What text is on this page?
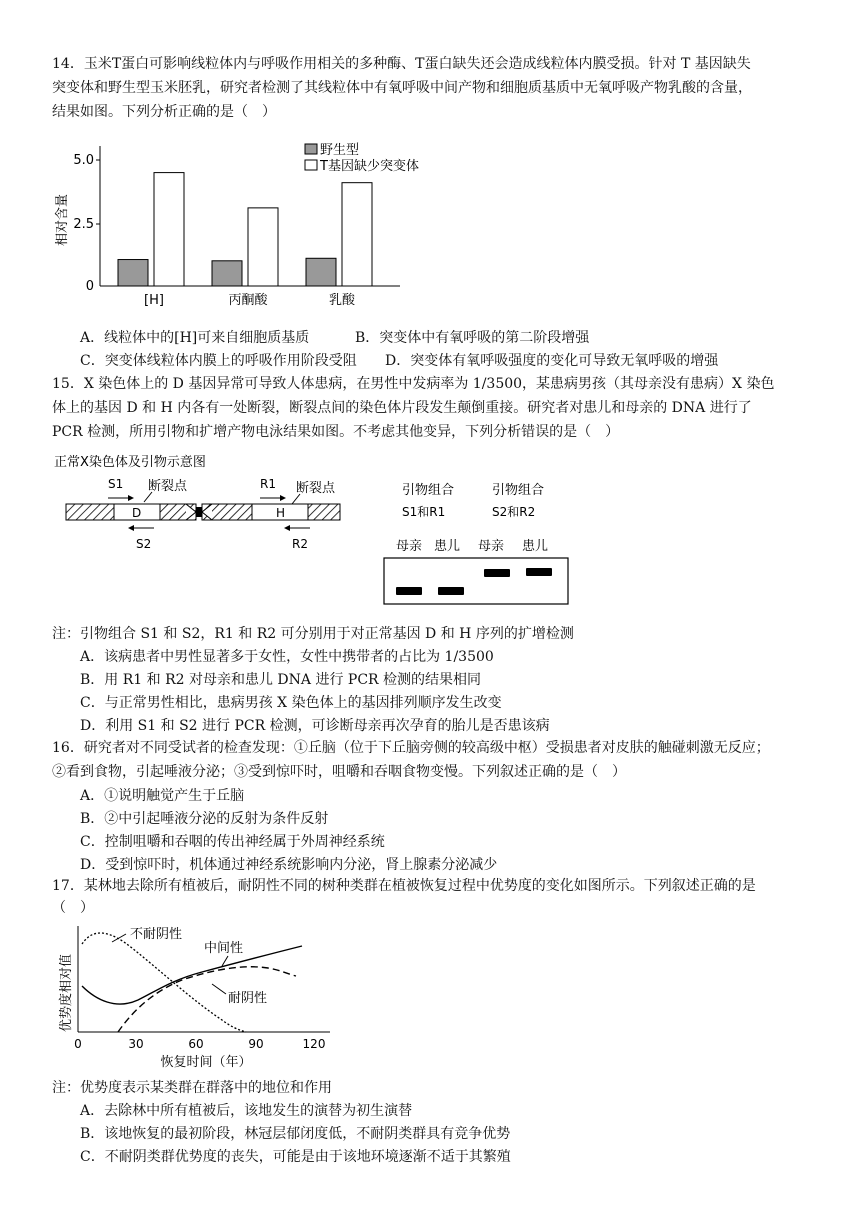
14．玉米T蛋白可影响线粒体内与呼吸作用相关的多种酶、T蛋白缺失还会造成线粒体内膜受损。针对 T 基因缺失
突变体和野生型玉米胚乳，研究者检测了其线粒体中有氧呼吸中间产物和细胞质基质中无氧呼吸产物乳酸的含量，
结果如图。下列分析正确的是（　）
0
2.5
5.0
相对含量
[H]	丙酮酸	乳酸
野生型
T基因缺少突变体
A．线粒体中的[H]可来自细胞质基质	B．突变体中有氧呼吸的第二阶段增强
C．突变体线粒体内膜上的呼吸作用阶段受阻 D．突变体有氧呼吸强度的变化可导致无氧呼吸的增强
15．X 染色体上的 D 基因异常可导致人体患病，在男性中发病率为 1/3500，某患病男孩（其母亲没有患病）X 染色
体上的基因 D 和 H 内各有一处断裂，断裂点间的染色体片段发生颠倒重接。研究者对患儿和母亲的 DNA 进行了
PCR 检测，所用引物和扩增产物电泳结果如图。不考虑其他变异，下列分析错误的是（　）
正常X染色体及引物示意图
S1	R1
断裂点	断裂点
D	H
S2	R2
引物组合
S1和R1
引物组合
S2和R2
母亲 患儿 母亲 患儿
注：引物组合 S1 和 S2，R1 和 R2 可分别用于对正常基因 D 和 H 序列的扩增检测
A．该病患者中男性显著多于女性，女性中携带者的占比为 1/3500
B．用 R1 和 R2 对母亲和患儿 DNA 进行 PCR 检测的结果相同
C．与正常男性相比，患病男孩 X 染色体上的基因排列顺序发生改变
D．利用 S1 和 S2 进行 PCR 检测，可诊断母亲再次孕育的胎儿是否患该病
16．研究者对不同受试者的检查发现：①丘脑（位于下丘脑旁侧的较高级中枢）受损患者对皮肤的触碰刺激无反应；
②看到食物，引起唾液分泌；③受到惊吓时，咀嚼和吞咽食物变慢。下列叙述正确的是（　）
A．①说明触觉产生于丘脑
B．②中引起唾液分泌的反射为条件反射
C．控制咀嚼和吞咽的传出神经属于外周神经系统
D．受到惊吓时，机体通过神经系统影响内分泌，肾上腺素分泌减少
17．某林地去除所有植被后，耐阴性不同的树种类群在植被恢复过程中优势度的变化如图所示。下列叙述正确的是
（　）
优势度相对值
不耐阴性
中间性
耐阴性
0	30	60	90	120
恢复时间（年）
注：优势度表示某类群在群落中的地位和作用
A．去除林中所有植被后，该地发生的演替为初生演替
B．该地恢复的最初阶段，林冠层郁闭度低，不耐阴类群具有竞争优势
C．不耐阴类群优势度的丧失，可能是由于该地环境逐渐不适于其繁殖
